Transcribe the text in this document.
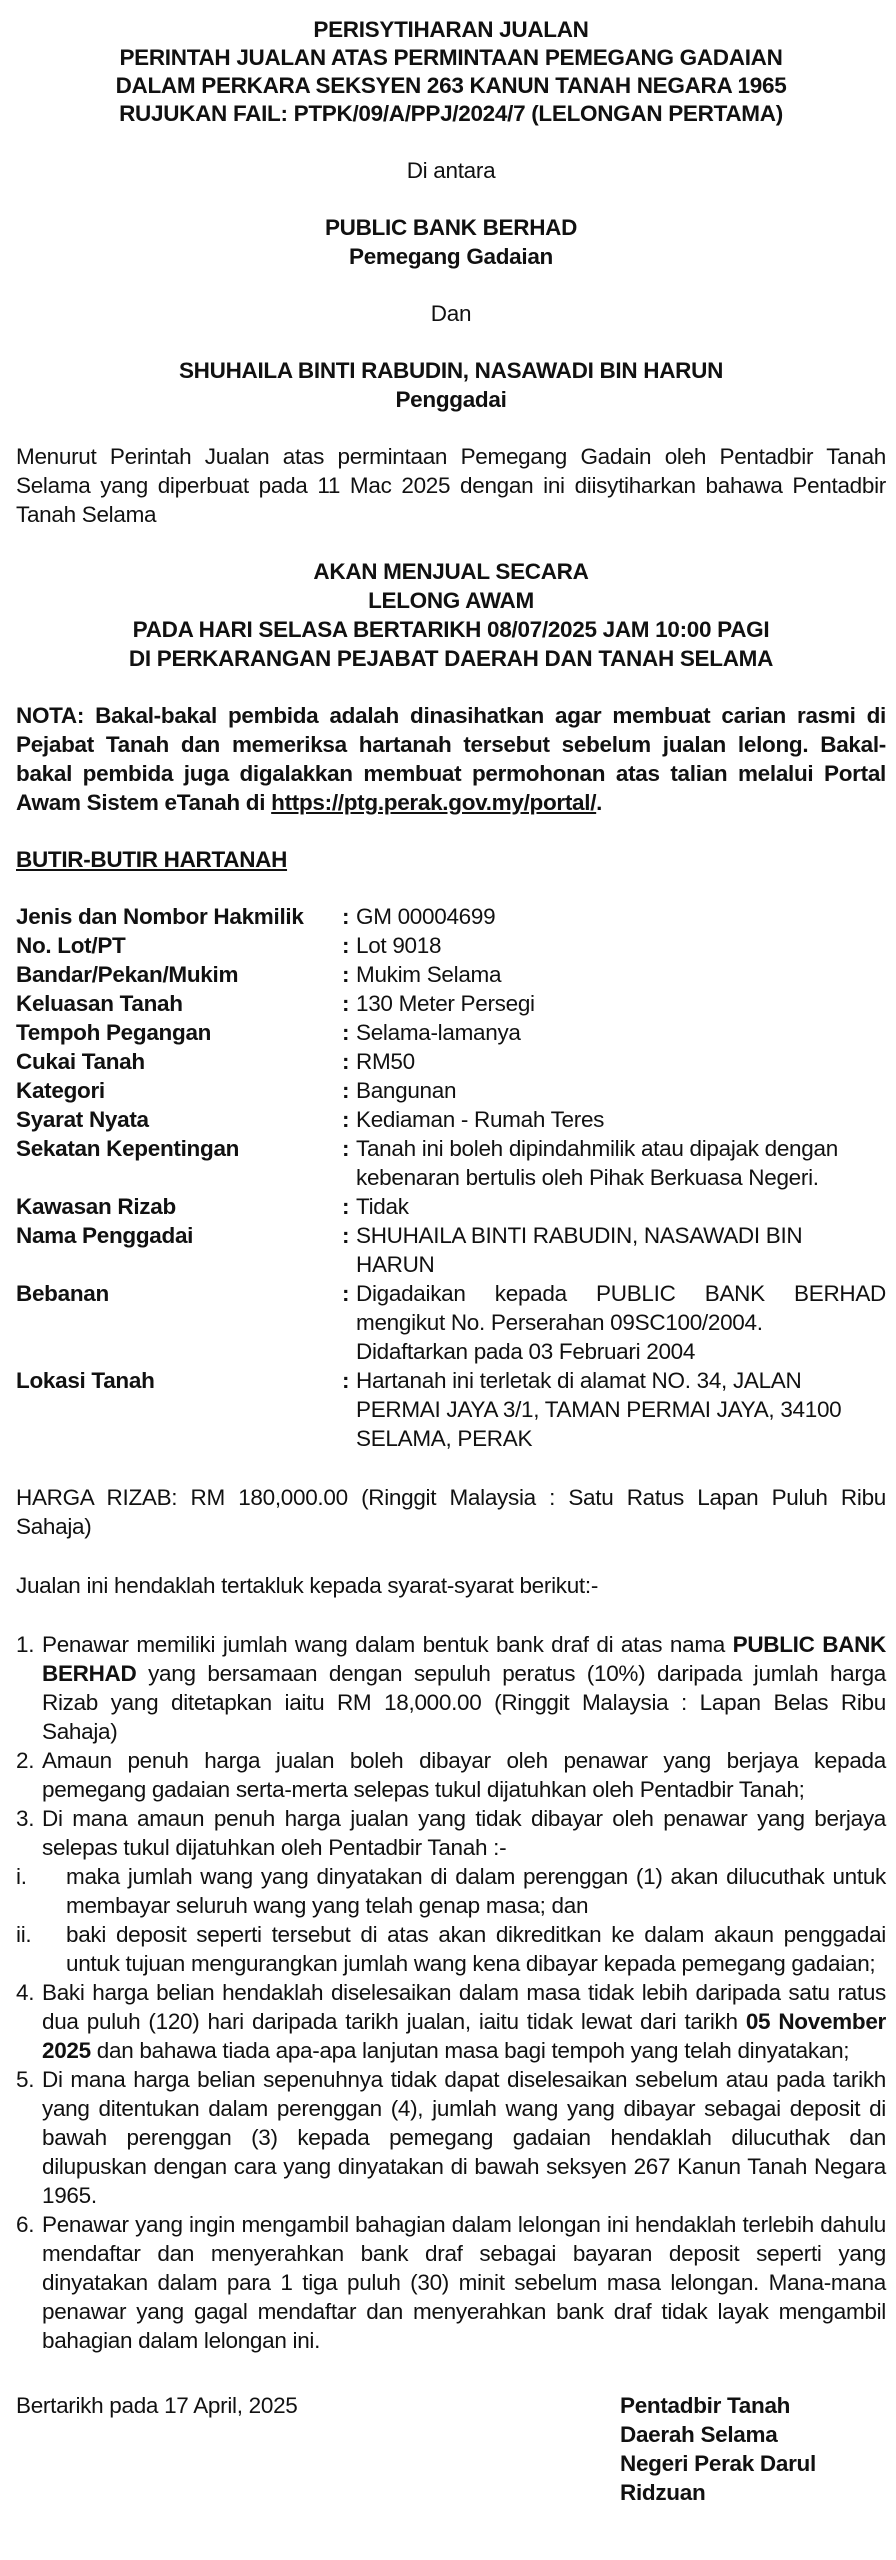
PERISYTIHARAN JUALAN
PERINTAH JUALAN ATAS PERMINTAAN PEMEGANG GADAIAN
DALAM PERKARA SEKSYEN 263 KANUN TANAH NEGARA 1965
RUJUKAN FAIL: PTPK/09/A/PPJ/2024/7 (LELONGAN PERTAMA)
Di antara
PUBLIC BANK BERHAD
Pemegang Gadaian
Dan
SHUHAILA BINTI RABUDIN, NASAWADI BIN HARUN
Penggadai
Menurut Perintah Jualan atas permintaan Pemegang Gadain oleh Pentadbir Tanah Selama yang diperbuat pada 11 Mac 2025 dengan ini diisytiharkan bahawa Pentadbir Tanah Selama
AKAN MENJUAL SECARA
LELONG AWAM
PADA HARI SELASA BERTARIKH 08/07/2025 JAM 10:00 PAGI
DI PERKARANGAN PEJABAT DAERAH DAN TANAH SELAMA
NOTA: Bakal-bakal pembida adalah dinasihatkan agar membuat carian rasmi di Pejabat Tanah dan memeriksa hartanah tersebut sebelum jualan lelong. Bakal-bakal pembida juga digalakkan membuat permohonan atas talian melalui Portal Awam Sistem eTanah di https://ptg.perak.gov.my/portal/.
BUTIR-BUTIR HARTANAH
Jenis dan Nombor Hakmilik	:	GM 00004699
No. Lot/PT	:	Lot 9018
Bandar/Pekan/Mukim	:	Mukim Selama
Keluasan Tanah	:	130 Meter Persegi
Tempoh Pegangan	:	Selama-lamanya
Cukai Tanah	:	RM50
Kategori	:	Bangunan
Syarat Nyata	:	Kediaman - Rumah Teres
Sekatan Kepentingan	:	Tanah ini boleh dipindahmilik atau dipajak dengan kebenaran bertulis oleh Pihak Berkuasa Negeri.
Kawasan Rizab	:	Tidak
Nama Penggadai	:	SHUHAILA BINTI RABUDIN, NASAWADI BIN HARUN
Bebanan	:	Digadaikan kepada PUBLIC BANK BERHAD mengikut No. Perserahan 09SC100/2004.
Didaftarkan pada 03 Februari 2004

Lokasi Tanah	:	Hartanah ini terletak di alamat NO. 34, JALAN PERMAI JAYA 3/1, TAMAN PERMAI JAYA, 34100 SELAMA, PERAK
HARGA RIZAB: RM 180,000.00 (Ringgit Malaysia : Satu Ratus Lapan Puluh Ribu Sahaja)
Jualan ini hendaklah tertakluk kepada syarat-syarat berikut:-
1. Penawar memiliki jumlah wang dalam bentuk bank draf di atas nama PUBLIC BANK BERHAD yang bersamaan dengan sepuluh peratus (10%) daripada jumlah harga Rizab yang ditetapkan iaitu RM 18,000.00 (Ringgit Malaysia : Lapan Belas Ribu Sahaja)
2. Amaun penuh harga jualan boleh dibayar oleh penawar yang berjaya kepada pemegang gadaian serta-merta selepas tukul dijatuhkan oleh Pentadbir Tanah;
3. Di mana amaun penuh harga jualan yang tidak dibayar oleh penawar yang berjaya selepas tukul dijatuhkan oleh Pentadbir Tanah :-
i. maka jumlah wang yang dinyatakan di dalam perenggan (1) akan dilucuthak untuk membayar seluruh wang yang telah genap masa; dan
ii. baki deposit seperti tersebut di atas akan dikreditkan ke dalam akaun penggadai untuk tujuan mengurangkan jumlah wang kena dibayar kepada pemegang gadaian;
4. Baki harga belian hendaklah diselesaikan dalam masa tidak lebih daripada satu ratus dua puluh (120) hari daripada tarikh jualan, iaitu tidak lewat dari tarikh 05 November 2025 dan bahawa tiada apa-apa lanjutan masa bagi tempoh yang telah dinyatakan;
5. Di mana harga belian sepenuhnya tidak dapat diselesaikan sebelum atau pada tarikh yang ditentukan dalam perenggan (4), jumlah wang yang dibayar sebagai deposit di bawah perenggan (3) kepada pemegang gadaian hendaklah dilucuthak dan dilupuskan dengan cara yang dinyatakan di bawah seksyen 267 Kanun Tanah Negara 1965.
6. Penawar yang ingin mengambil bahagian dalam lelongan ini hendaklah terlebih dahulu mendaftar dan menyerahkan bank draf sebagai bayaran deposit seperti yang dinyatakan dalam para 1 tiga puluh (30) minit sebelum masa lelongan. Mana-mana penawar yang gagal mendaftar dan menyerahkan bank draf tidak layak mengambil bahagian dalam lelongan ini.
Bertarikh pada 17 April, 2025	Pentadbir Tanah
Daerah Selama
Negeri Perak Darul Ridzuan
